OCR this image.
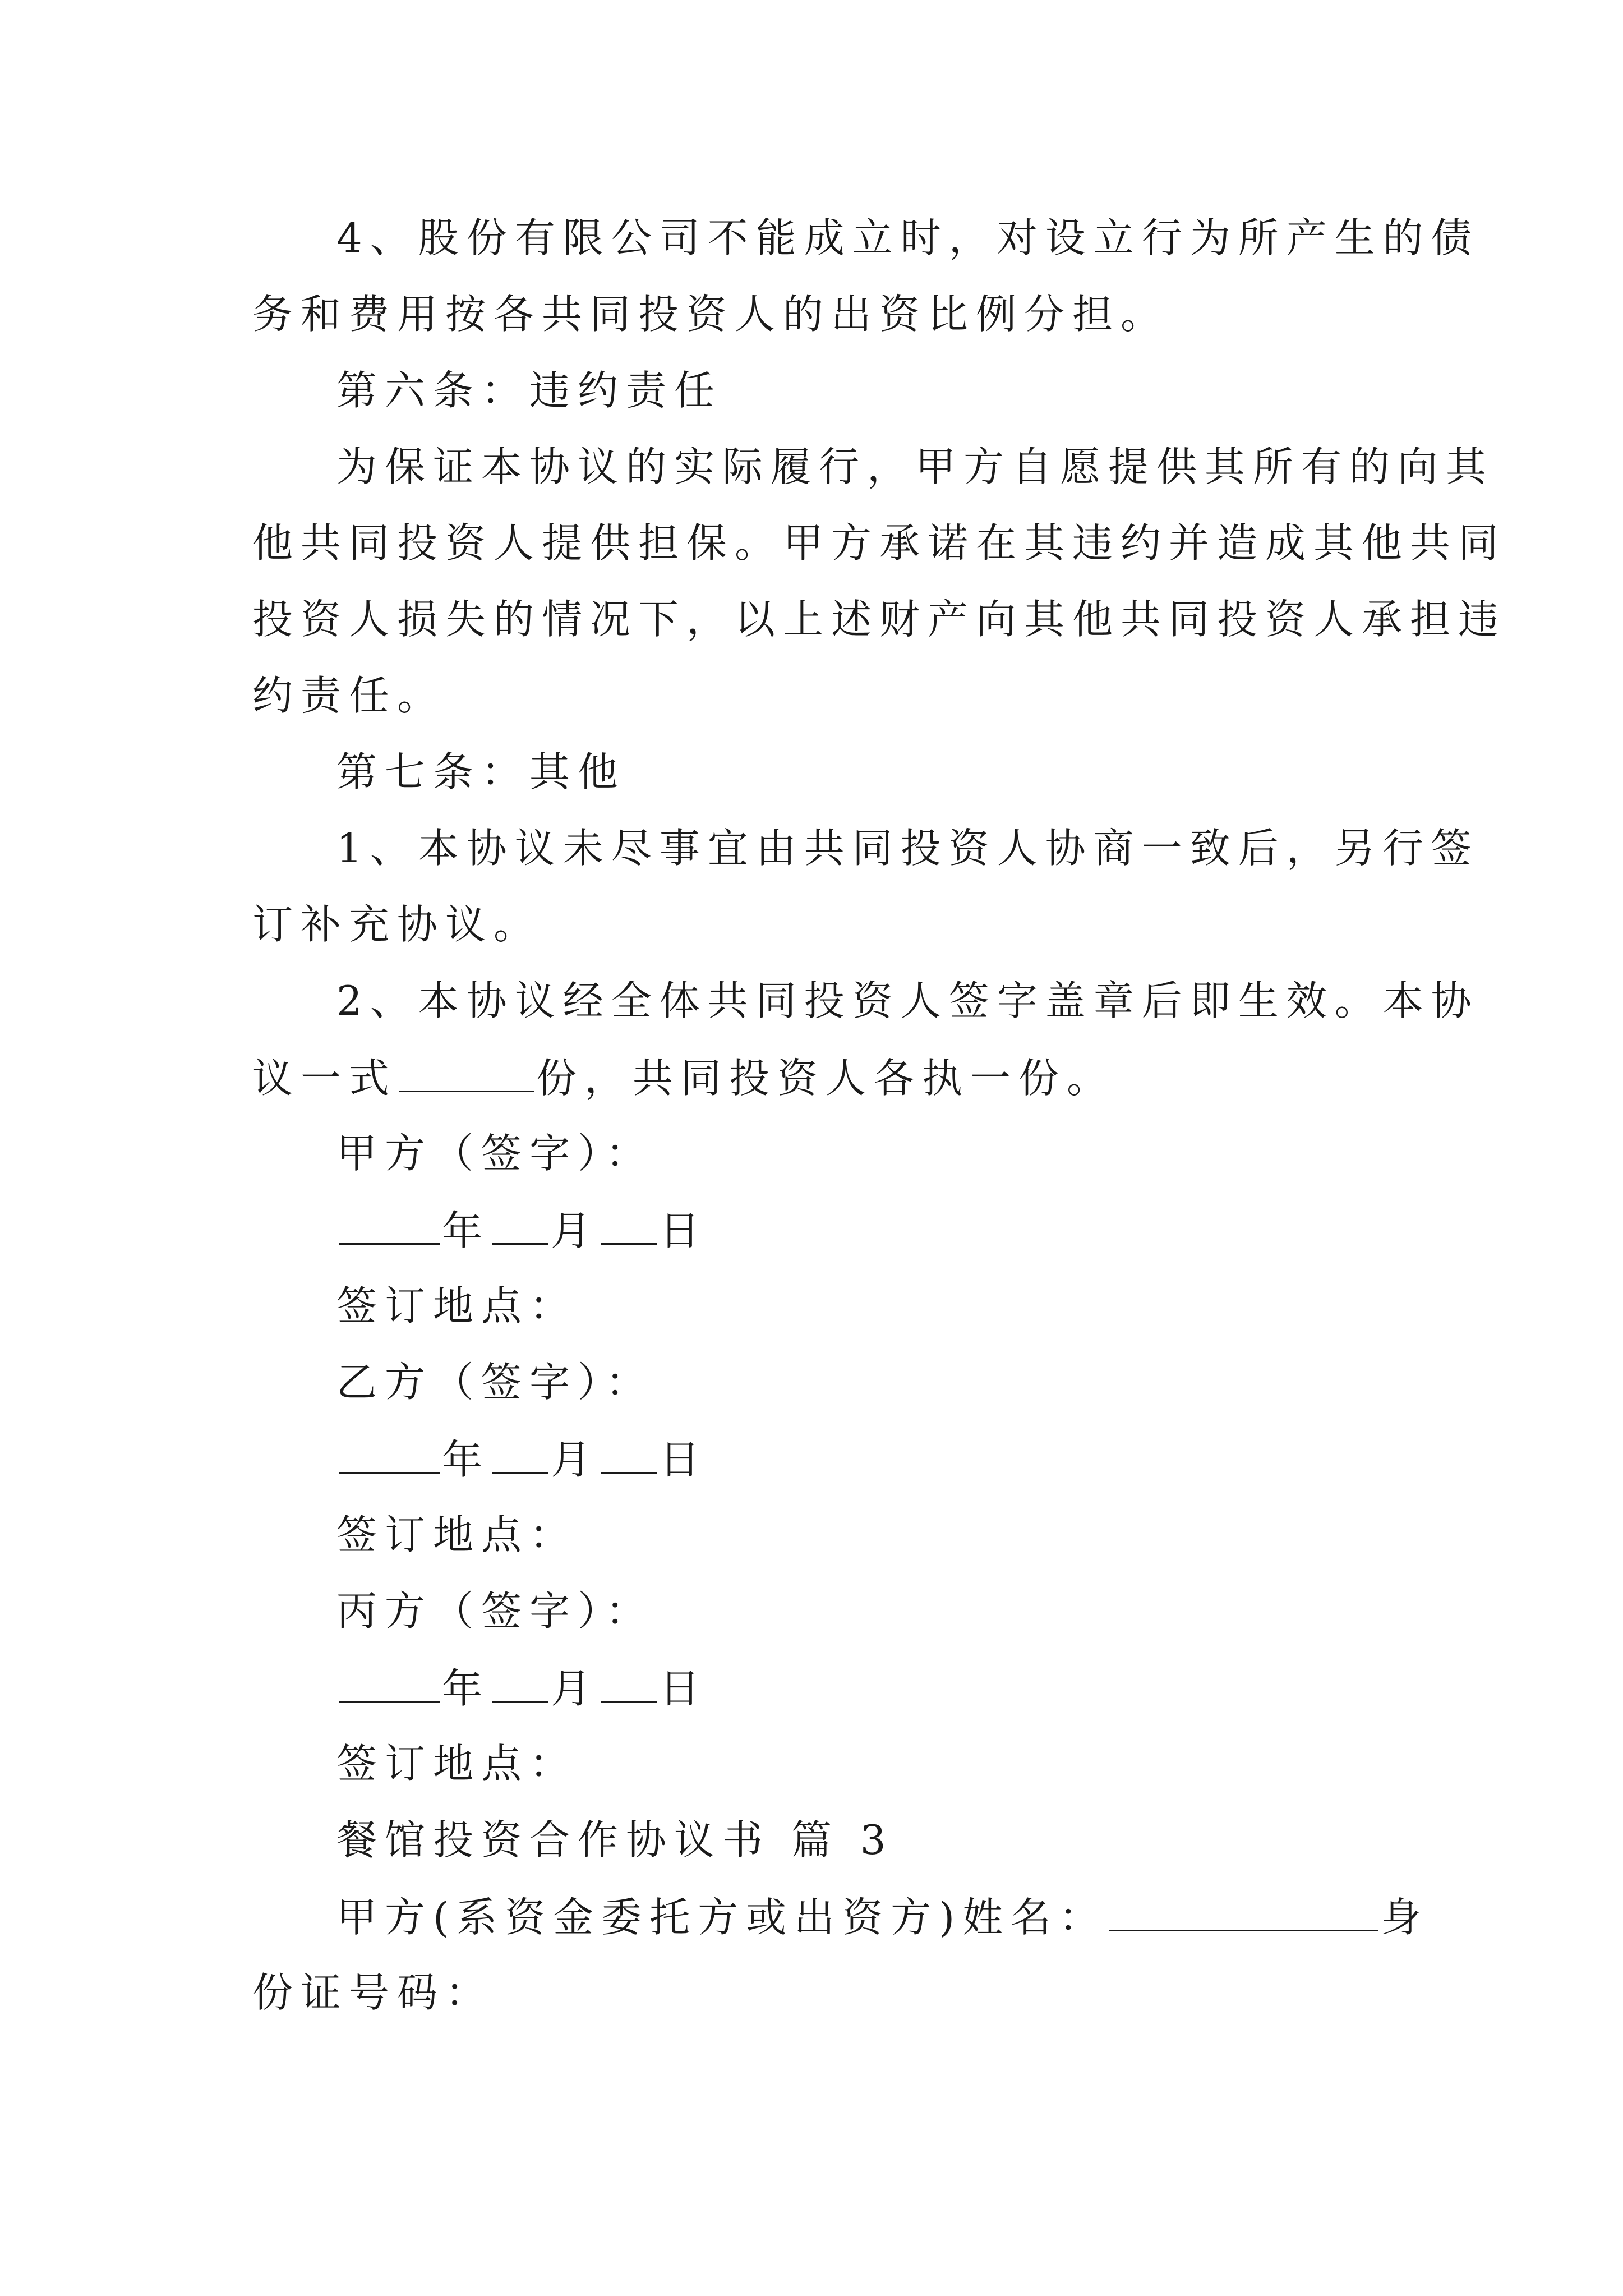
4、股份有限公司不能成立时，对设立行为所产生的债
务和费用按各共同投资人的出资比例分担。
第六条：违约责任
为保证本协议的实际履行，甲方自愿提供其所有的向其
他共同投资人提供担保。甲方承诺在其违约并造成其他共同
投资人损失的情况下，以上述财产向其他共同投资人承担违
约责任。
第七条：其他
1、本协议未尽事宜由共同投资人协商一致后，另行签
订补充协议。
2、本协议经全体共同投资人签字盖章后即生效。本协
议一式	份，共同投资人各执一份。
甲方（签字）：
年 月 日
签订地点：
乙方（签字）：
年 月 日
签订地点：
丙方（签字）：
年 月 日
签订地点：
餐馆投资合作协议书 篇 3
甲方(系资金委托方或出资方)姓名：	身
份证号码：
